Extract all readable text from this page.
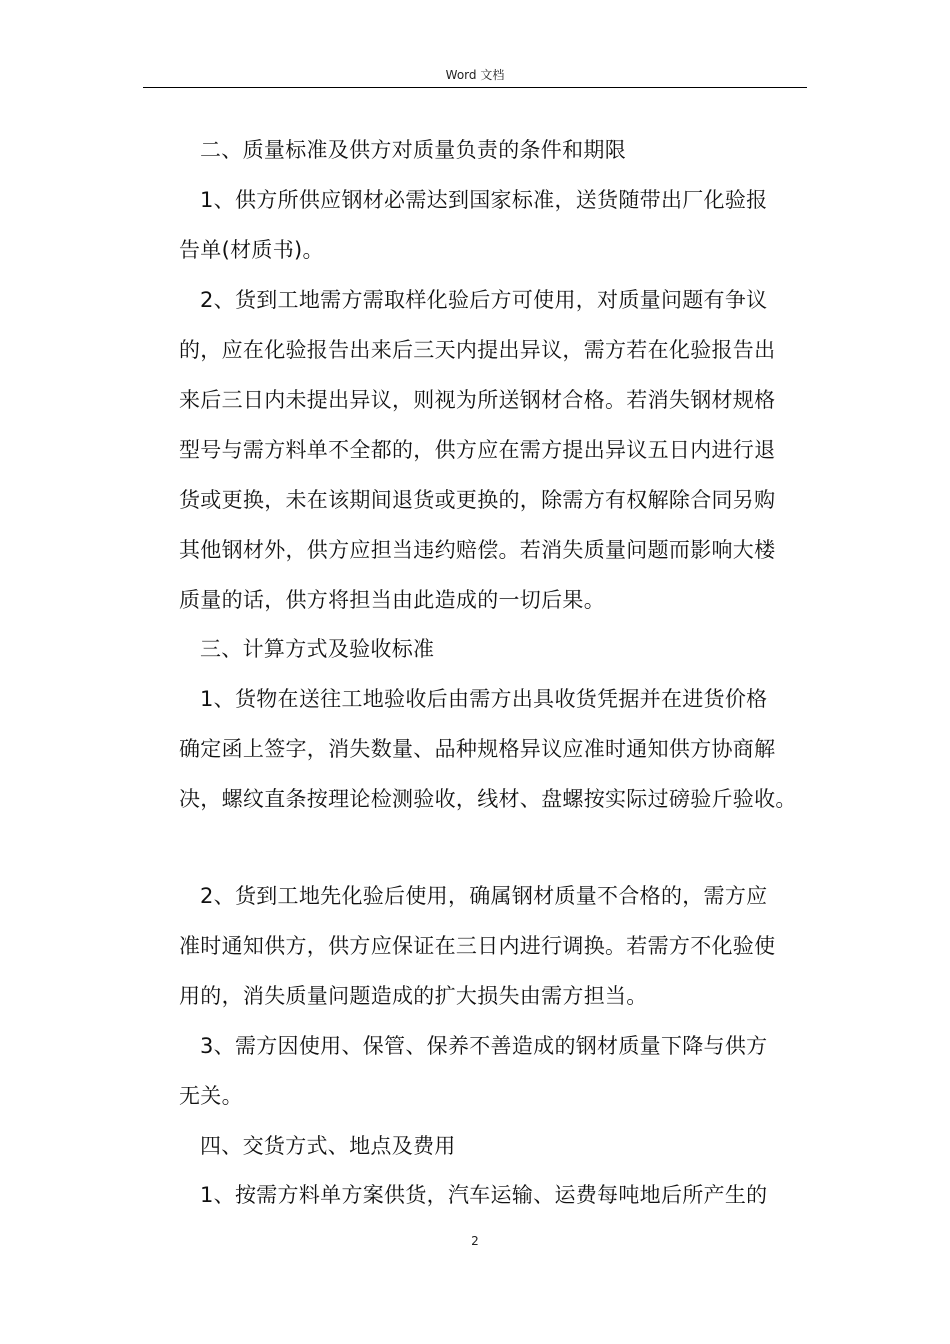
Word 文档
二、质量标准及供方对质量负责的条件和期限
1、供方所供应钢材必需达到国家标准，送货随带出厂化验报
告单(材质书)。
2、货到工地需方需取样化验后方可使用，对质量问题有争议
的，应在化验报告出来后三天内提出异议，需方若在化验报告出
来后三日内未提出异议，则视为所送钢材合格。若消失钢材规格
型号与需方料单不全都的，供方应在需方提出异议五日内进行退
货或更换，未在该期间退货或更换的，除需方有权解除合同另购
其他钢材外，供方应担当违约赔偿。若消失质量问题而影响大楼
质量的话，供方将担当由此造成的一切后果。
三、计算方式及验收标准
1、货物在送往工地验收后由需方出具收货凭据并在进货价格
确定函上签字，消失数量、品种规格异议应准时通知供方协商解
决，螺纹直条按理论检测验收，线材、盘螺按实际过磅验斤验收。
2、货到工地先化验后使用，确属钢材质量不合格的，需方应
准时通知供方，供方应保证在三日内进行调换。若需方不化验使
用的，消失质量问题造成的扩大损失由需方担当。
3、需方因使用、保管、保养不善造成的钢材质量下降与供方
无关。
四、交货方式、地点及费用
1、按需方料单方案供货，汽车运输、运费每吨地后所产生的
2
